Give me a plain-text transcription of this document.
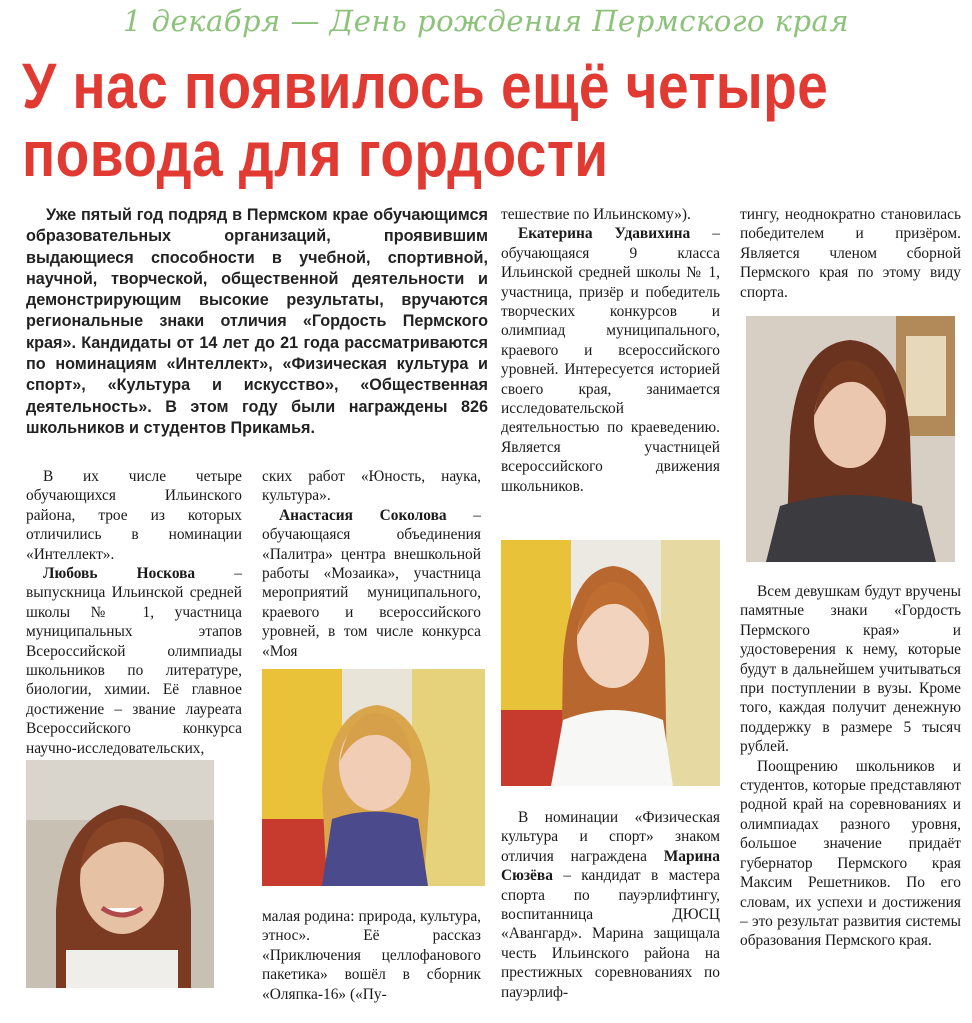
1 декабря — День рождения Пермского края
У нас появилось ещё четыре
повода для гордости
Уже пятый год подряд в Пермском крае обучающимся образовательных организаций, проявившим выдающиеся способности в учебной, спортивной, научной, творческой, общественной деятельности и демонстрирующим высокие результаты, вручаются региональные знаки отличия «Гордость Пермского края». Кандидаты от 14 лет до 21 года рассматриваются по номинациям «Интеллект», «Физическая культура и спорт», «Культура и искусство», «Общественная деятельность». В этом году были награждены 826 школьников и студентов Прикамья.

В их числе четыре обучающихся Ильинского района, трое из которых отличились в номинации «Интеллект».

Любовь Носкова	– выпускница Ильинской средней школы № 1, участница муниципальных этапов Всероссийской олимпиады школьников по литературе, биологии, химии. Её главное достижение – звание лауреата Всероссийского конкурса научно-исследовательских,

ских работ «Юность, наука, культура».

Анастасия Соколова – обучающаяся объединения «Палитра» центра внешкольной работы «Мозаика», участница мероприятий муниципального, краевого и всероссийского уровней, в том числе конкурса «Моя

малая родина: природа, культура, этнос». Её рассказ «Приключения целлофанового пакетика» вошёл в сборник «Оляпка-16» («Пу-

тешествие по Ильинскому»).

Екатерина Удавихина – обучающаяся 9 класса Ильинской средней школы № 1, участница, призёр и победитель творческих конкурсов и олимпиад муниципального, краевого и всероссийского уровней. Интересуется историей своего края, занимается исследовательской деятельностью по краеведению. Является участницей всероссийского движения школьников.

В номинации «Физическая культура и спорт» знаком отличия награждена Марина Сюзёва – кандидат в мастера спорта по пауэрлифтингу, воспитанница ДЮСЦ «Авангард». Марина защищала честь Ильинского района на престижных соревнованиях по пауэрлиф-

тингу, неоднократно становилась победителем и призёром. Является членом сборной Пермского края по этому виду спорта.

Всем девушкам будут вручены памятные знаки «Гордость Пермского края» и удостоверения к нему, которые будут в дальнейшем учитываться при поступлении в вузы. Кроме того, каждая получит денежную поддержку в размере 5 тысяч рублей.

Поощрению школьников и студентов, которые представляют родной край на соревнованиях и олимпиадах разного уровня, большое значение придаёт губернатор Пермского края Максим Решетников. По его словам, их успехи и достижения – это результат развития системы образования Пермского края.
